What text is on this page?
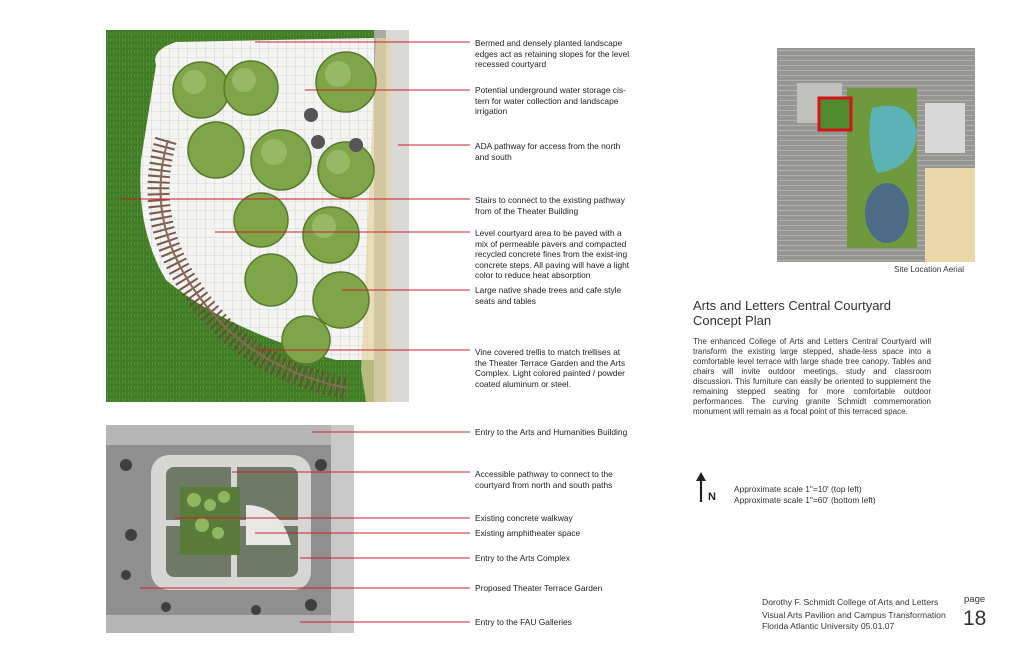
Bermed and densely planted landscape edges act as retaining slopes for the level recessed courtyard
Potential underground water storage cis-tern for water collection and landscape irrigation
ADA pathway for access from the north and south
Stairs to connect to the existing pathway from of the Theater Building
Level courtyard area to be paved with a mix of permeable pavers and compacted recycled concrete fines from the exist-ing concrete steps. All paving will have a light color to reduce heat absorption
Large native shade trees and cafe style seats and tables
Vine covered trellis to match trellises at the Theater Terrace Garden and the Arts Complex. Light colored painted / powder coated aluminum or steel.
Entry to the Arts and Humanities Building
Accessible pathway to connect to the courtyard from north and south paths
Existing concrete walkway
Existing amphitheater space
Entry to the Arts Complex
Proposed Theater Terrace Garden
Entry to the FAU Galleries
Site Location Aerial
Arts and Letters Central Courtyard
Concept Plan
The enhanced College of Arts and Letters Central Courtyard will transform the existing large stepped, shade-less space into a comfortable level terrace with large shade tree canopy. Tables and chairs will invite outdoor meetings, study and classroom discussion. This furniture can easily be oriented to supplement the remaining stepped seating for more comfortable outdoor performances. The curving granite Schmidt commemoration monument will remain as a focal point of this terraced space.
N
Approximate scale 1"=10' (top left)
Approximate scale 1"=60' (bottom left)
Dorothy F. Schmidt College of Arts and Letters
Visual Arts Pavilion and Campus Transformation
Florida Atlantic University 05.01.07
page
18
